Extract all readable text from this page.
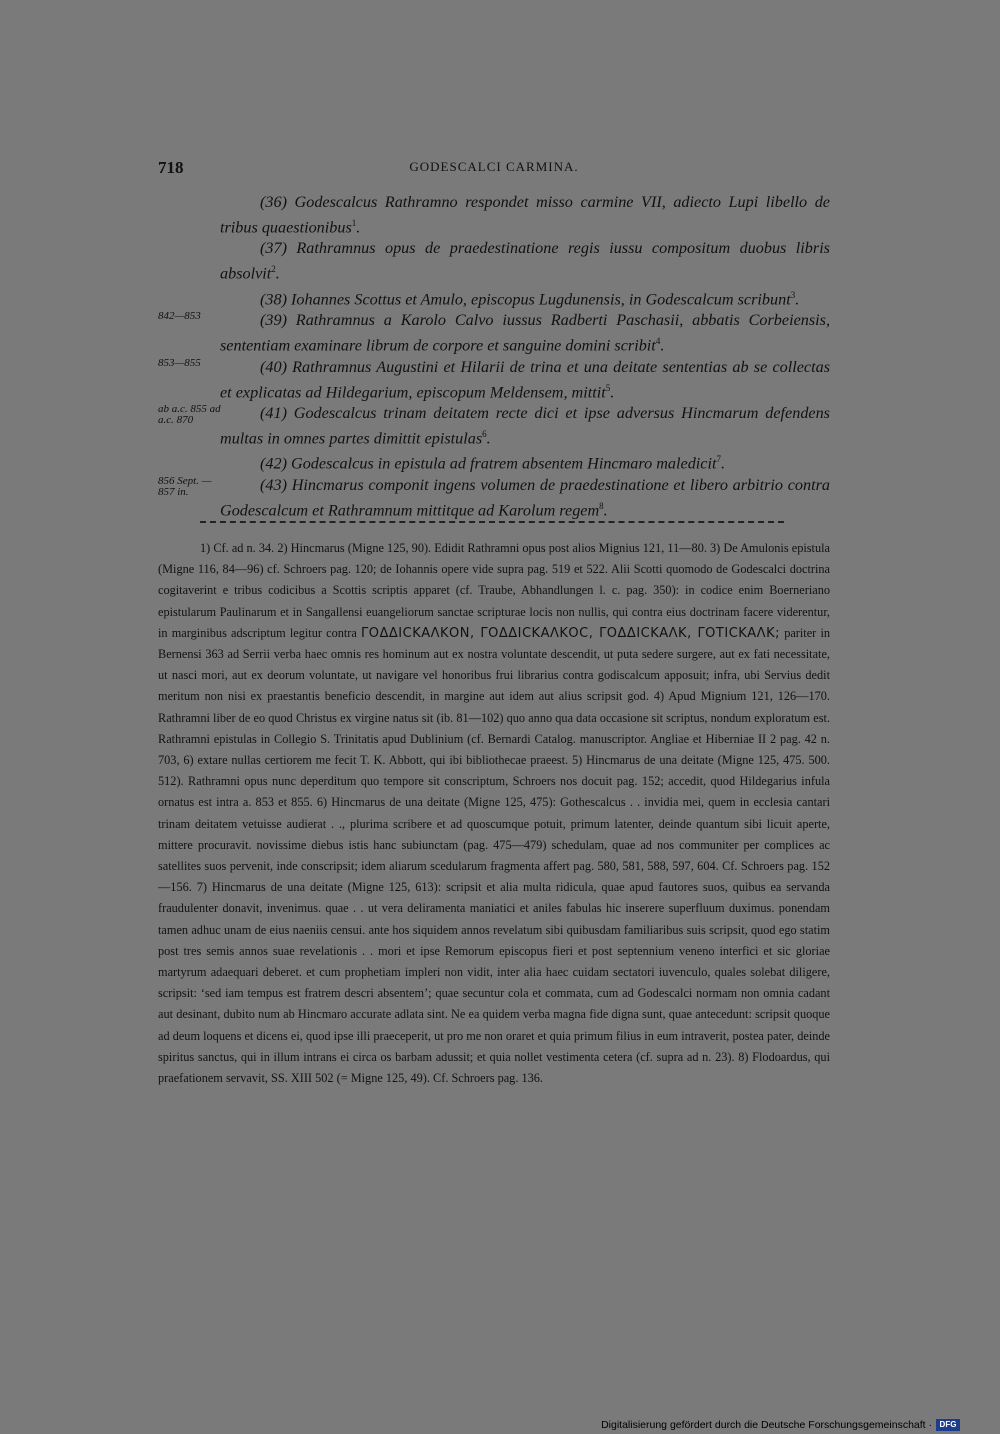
718	GODESCALCI CARMINA.
(36) Godescalcus Rathramno respondet misso carmine VII, adiecto Lupi libello de tribus quaestionibus$^1$.
(37) Rathramnus opus de praedestinatione regis iussu compositum duobus libris absolvit$^2$.
(38) Iohannes Scottus et Amulo, episcopus Lugdunensis, in Godescalcum scribunt$^3$.
842—853	(39) Rathramnus a Karolo Calvo iussus Radberti Paschasii, abbatis Corbeiensis, sententiam examinare librum de corpore et sanguine domini scribit$^4$.
853—855	(40) Rathramnus Augustini et Hilarii de trina et una deitate sententias ab se collectas et explicatas ad Hildegarium, episcopum Meldensem, mittit$^5$.
ab a.c. 855 ad a.c. 870	(41) Godescalcus trinam deitatem recte dici et ipse adversus Hincmarum defendens multas in omnes partes dimittit epistulas$^6$.
(42) Godescalcus in epistula ad fratrem absentem Hincmaro maledicit$^7$.
856 Sept. — 857 in.	(43) Hincmarus componit ingens volumen de praedestinatione et libero arbitrio contra Godescalcum et Rathramnum mittitque ad Karolum regem$^8$.
1) Cf. ad n. 34. 2) Hincmarus (Migne 125, 90). Edidit Rathramni opus post alios Mignius 121, 11—80. 3) De Amulonis epistula (Migne 116, 84—96) cf. Schroers pag. 120; de Iohannis opere vide supra pag. 519 et 522. Alii Scotti quomodo de Godescalci doctrina cogitaverint e tribus codicibus a Scottis scriptis apparet (cf. Traube, Abhandlungen l. c. pag. 350): in codice enim Boerneriano epistularum Paulinarum et in Sangallensi euangeliorum sanctae scripturae locis non nullis, qui contra eius doctrinam facere viderentur, in marginibus adscriptum legitur contra ΓΟΔΔΙCΚΑΛΚΟΝ, ΓΟΔΔΙCΚΑΛΚΟC, ΓΟΔΔΙCΚΑΛΚ, ΓΟΤΙCΚΑΛΚ; pariter in Bernensi 363 ad Serrii verba haec omnis res hominum aut ex nostra voluntate descendit, ut puta sedere surgere, aut ex fati necessitate, ut nasci mori, aut ex deorum voluntate, ut navigare vel honoribus frui librarius contra godiscalcum apposuit; infra, ubi Servius dedit meritum non nisi ex praestantis beneficio descendit, in margine aut idem aut alius scripsit god. 4) Apud Mignium 121, 126—170. Rathramni liber de eo quod Christus ex virgine natus sit (ib. 81—102) quo anno qua data occasione sit scriptus, nondum exploratum est. Rathramni epistulas in Collegio S. Trinitatis apud Dublinium (cf. Bernardi Catalog. manuscriptor. Angliae et Hiberniae II 2 pag. 42 n. 703, 6) extare nullas certiorem me fecit T. K. Abbott, qui ibi bibliothecae praeest. 5) Hincmarus de una deitate (Migne 125, 475. 500. 512). Rathramni opus nunc deperditum quo tempore sit conscriptum, Schroers nos docuit pag. 152; accedit, quod Hildegarius infula ornatus est intra a. 853 et 855. 6) Hincmarus de una deitate (Migne 125, 475): Gothescalcus . . invidia mei, quem in ecclesia cantari trinam deitatem vetuisse audierat . ., plurima scribere et ad quoscumque potuit, primum latenter, deinde quantum sibi licuit aperte, mittere procuravit. novissime diebus istis hanc subiunctam (pag. 475—479) schedulam, quae ad nos communiter per complices ac satellites suos pervenit, inde conscripsit; idem aliarum scedularum fragmenta affert pag. 580, 581, 588, 597, 604. Cf. Schroers pag. 152—156. 7) Hincmarus de una deitate (Migne 125, 613): scripsit et alia multa ridicula, quae apud fautores suos, quibus ea servanda fraudulenter donavit, invenimus. quae . . ut vera deliramenta maniatici et aniles fabulas hic inserere superfluum duximus. ponendam tamen adhuc unam de eius naeniis censui. ante hos siquidem annos revelatum sibi quibusdam familiaribus suis scripsit, quod ego statim post tres semis annos suae revelationis . . mori et ipse Remorum episcopus fieri et post septennium veneno interfici et sic gloriae martyrum adaequari deberet. et cum prophetiam impleri non vidit, inter alia haec cuidam sectatori iuvenculo, quales solebat diligere, scripsit: ‘sed iam tempus est fratrem descri absentem’; quae secuntur cola et commata, cum ad Godescalci normam non omnia cadant aut desinant, dubito num ab Hincmaro accurate adlata sint. Ne ea quidem verba magna fide digna sunt, quae antecedunt: scripsit quoque ad deum loquens et dicens ei, quod ipse illi praeceperit, ut pro me non oraret et quia primum filius in eum intraverit, postea pater, deinde spiritus sanctus, qui in illum intrans ei circa os barbam adussit; et quia nollet vestimenta cetera (cf. supra ad n. 23). 8) Flodoardus, qui praefationem servavit, SS. XIII 502 (= Migne 125, 49). Cf. Schroers pag. 136.
Digitalisierung gefördert durch die Deutsche Forschungsgemeinschaft · DFG
